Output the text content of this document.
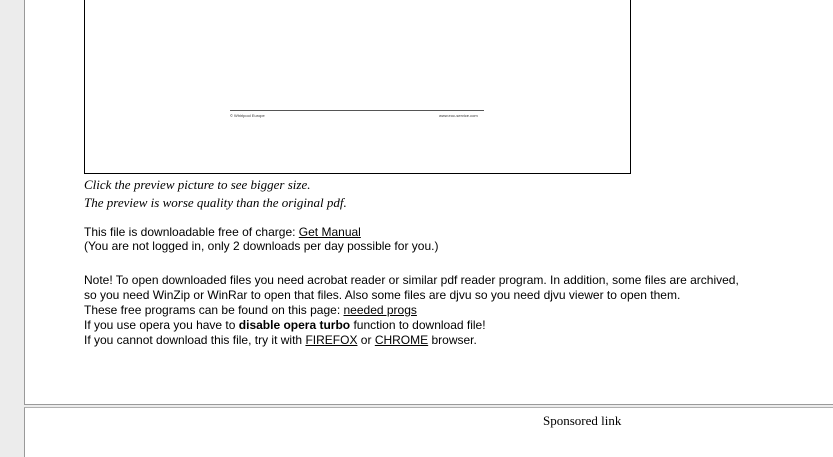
© Whirlpool Europe	www.eoc-service.com
Click the preview picture to see bigger size.
The preview is worse quality than the original pdf.
This file is downloadable free of charge: Get Manual
(You are not logged in, only 2 downloads per day possible for you.)
Note! To open downloaded files you need acrobat reader or similar pdf reader program. In addition, some files are archived,
so you need WinZip or WinRar to open that files. Also some files are djvu so you need djvu viewer to open them.
These free programs can be found on this page: needed progs
If you use opera you have to disable opera turbo function to download file!
If you cannot download this file, try it with FIREFOX or CHROME browser.
Sponsored link
